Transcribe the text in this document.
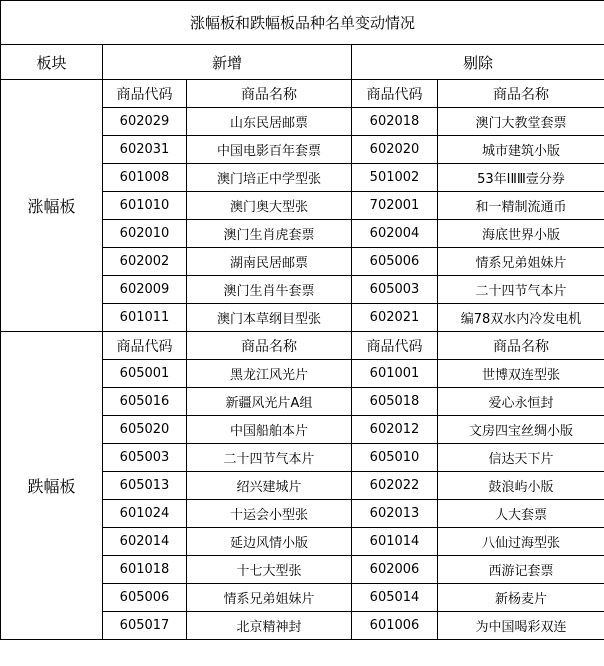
涨幅板和跌幅板品种名单变动情况				
板块	新增		剔除	
涨幅板	商品代码	商品名称	商品代码	商品名称
	602029	山东民居邮票	602018	澳门大教堂套票
	602031	中国电影百年套票	602020	城市建筑小版
	601008	澳门培正中学型张	501002	53年ⅠⅡⅢ壹分券
	601010	澳门奥大型张	702001	和一精制流通币
	602010	澳门生肖虎套票	602004	海底世界小版
	602002	湖南民居邮票	605006	情系兄弟姐妹片
	602009	澳门生肖牛套票	605003	二十四节气本片
	601011	澳门本草纲目型张	602021	编78双水内冷发电机
跌幅板	商品代码	商品名称	商品代码	商品名称
	605001	黑龙江风光片	601001	世博双连型张
	605016	新疆风光片A组	605018	爱心永恒封
	605020	中国船舶本片	602012	文房四宝丝绸小版
	605003	二十四节气本片	605010	信达天下片
	605013	绍兴建城片	602022	鼓浪屿小版
	601024	十运会小型张	602013	人大套票
	602014	延边风情小版	601014	八仙过海型张
	601018	十七大型张	602006	西游记套票
	605006	情系兄弟姐妹片	605014	新杨麦片
	605017	北京精神封	601006	为中国喝彩双连
